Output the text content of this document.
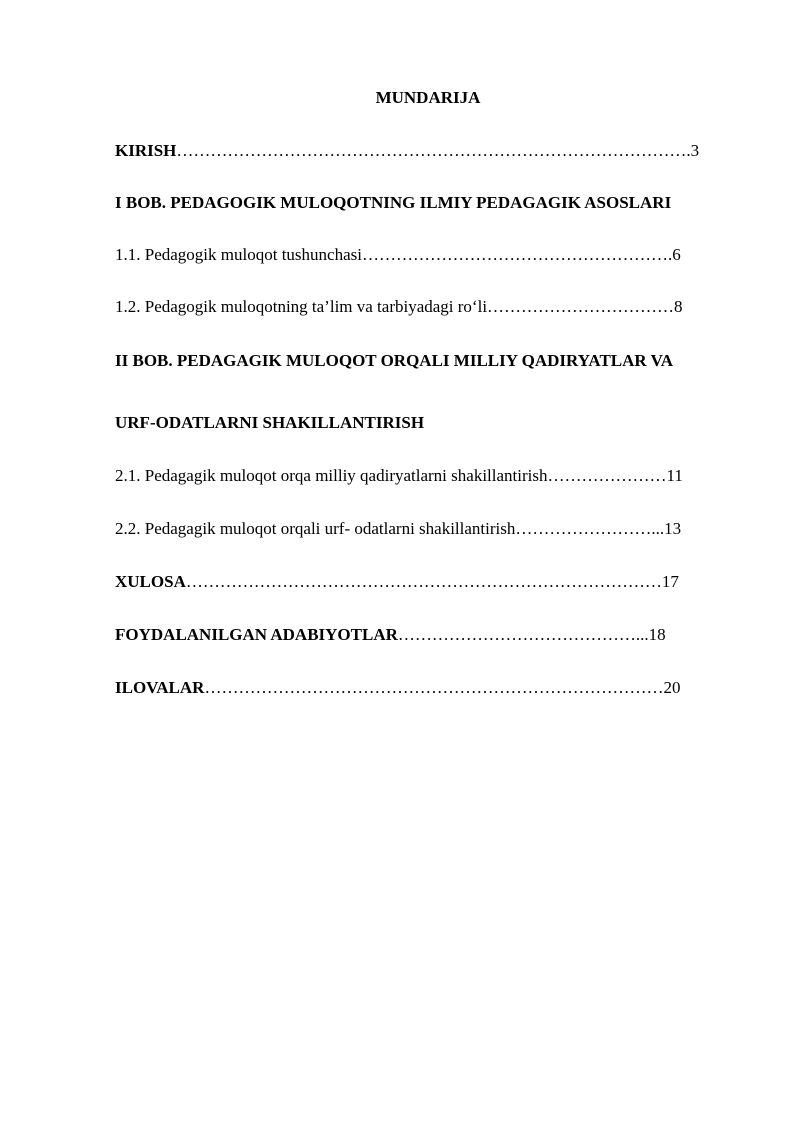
MUNDARIJA
KIRISH……………………………………………………………………………….3
I BOB. PEDAGOGIK MULOQOTNING ILMIY PEDAGAGIK ASOSLARI
1.1. Pedagogik muloqot tushunchasi……………………………………………….6
1.2. Pedagogik muloqotning ta’lim va tarbiyadagi ro‘li……………………………8
II BOB. PEDAGAGIK MULOQOT ORQALI MILLIY QADIRYATLAR VA
URF-ODATLARNI SHAKILLANTIRISH
2.1. Pedagagik muloqot orqa milliy qadiryatlarni shakillantirish…………………11
2.2. Pedagagik muloqot orqali urf- odatlarni shakillantirish……………………...13
XULOSA…………………………………………………………………………17
FOYDALANILGAN ADABIYOTLAR……………………………………...18
ILOVALAR………………………………………………………………………20
